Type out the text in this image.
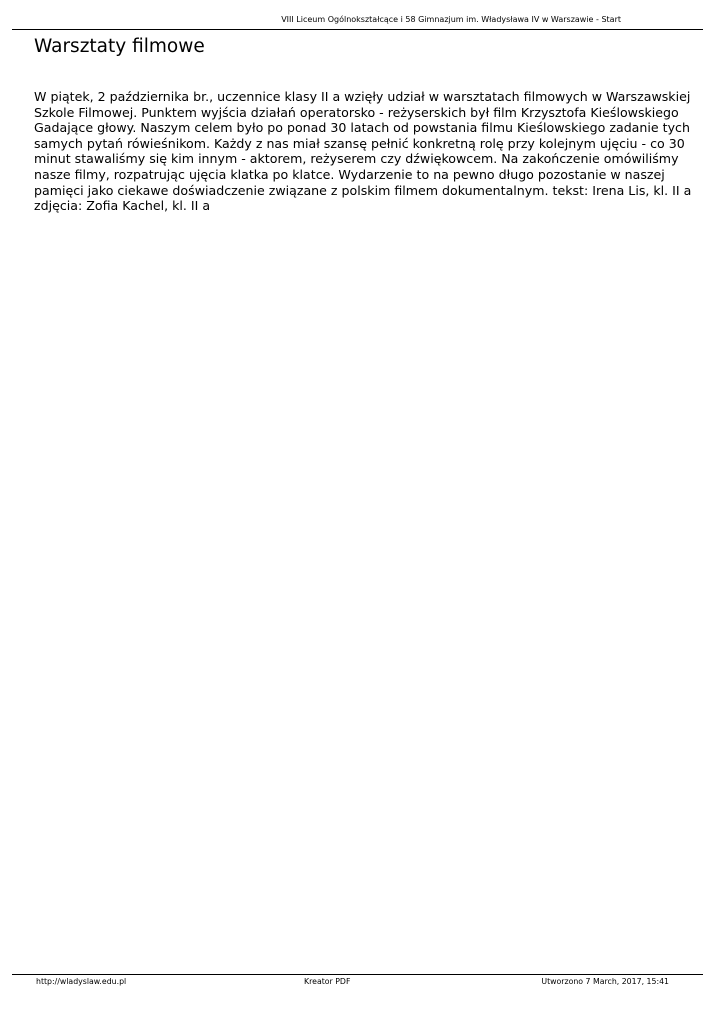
VIII Liceum Ogólnokształcące i 58 Gimnazjum im. Władysława IV w Warszawie - Start
Warsztaty filmowe

W piątek, 2 października br., uczennice klasy II a wzięły udział w warsztatach filmowych w Warszawskiej Szkole Filmowej. Punktem wyjścia działań operatorsko - reżyserskich był film Krzysztofa Kieślowskiego Gadające głowy. Naszym celem było po ponad 30 latach od powstania filmu Kieślowskiego zadanie tych samych pytań rówieśnikom. Każdy z nas miał szansę pełnić konkretną rolę przy kolejnym ujęciu - co 30 minut stawaliśmy się kim innym - aktorem, reżyserem czy dźwiękowcem. Na zakończenie omówiliśmy nasze filmy, rozpatrując ujęcia klatka po klatce. Wydarzenie to na pewno długo pozostanie w naszej pamięci jako ciekawe doświadczenie związane z polskim filmem dokumentalnym. tekst: Irena Lis, kl. II a zdjęcia: Zofia Kachel, kl. II a

http://wladyslaw.edu.pl	Kreator PDF	Utworzono 7 March, 2017, 15:41
